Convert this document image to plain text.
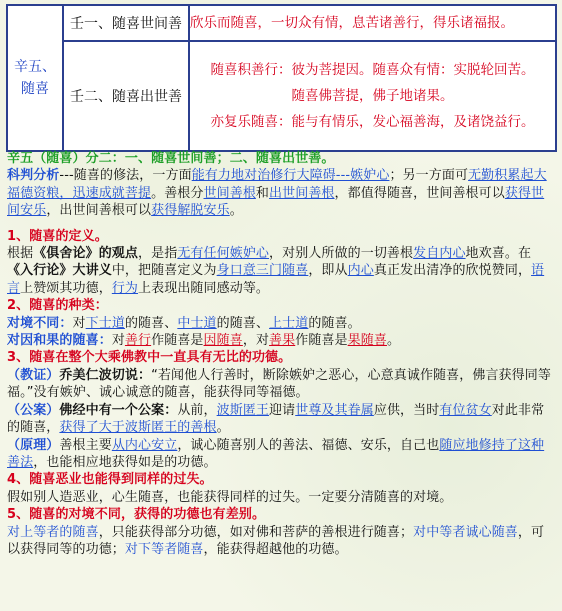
辛五、
随喜	壬一、随喜世间善	欣乐而随喜，一切众有情，息苦诸善行，得乐诸福报。
	壬二、随喜出世善	随喜积善行：彼为菩提因。随喜众有情：实脱轮回苦。
随喜佛菩提，佛子地诸果。
亦复乐随喜：能与有情乐，发心福善海，及诸饶益行。

辛五（随喜）分二：一、随喜世间善；二、随喜出世善。

科判分析---随喜的修法，一方面能有力地对治修行大障碍---嫉妒心；另一方面可无勤积累起大福德资粮，迅速成就菩提。善根分世间善根和出世间善根，都值得随喜，世间善根可以获得世间安乐，出世间善根可以获得解脱安乐。

1、随喜的定义。

根据《俱舍论》的观点，是指无有任何嫉妒心，对别人所做的一切善根发自内心地欢喜。在《入行论》大讲义中，把随喜定义为身口意三门随喜，即从内心真正发出清净的欣悦赞同，语言上赞颂其功德，行为上表现出随同感动等。

2、随喜的种类：

对境不同：对下士道的随喜、中士道的随喜、上士道的随喜。

对因和果的随喜：对善行作随喜是因随喜，对善果作随喜是果随喜。

3、随喜在整个大乘佛教中一直具有无比的功德。

（教证）乔美仁波切说：“若闻他人行善时，断除嫉妒之恶心，心意真诚作随喜，佛言获得同等福。”没有嫉妒、诚心诚意的随喜，能获得同等福德。

（公案）佛经中有一个公案：从前，波斯匿王迎请世尊及其眷属应供，当时有位贫女对此非常的随喜，获得了大于波斯匿王的善根。

（原理）善根主要从内心安立，诚心随喜别人的善法、福德、安乐，自己也随应地修持了这种善法，也能相应地获得如是的功德。

4、随喜恶业也能得到同样的过失。

假如别人造恶业，心生随喜，也能获得同样的过失。一定要分清随喜的对境。

5、随喜的对境不同，获得的功德也有差别。

对上等者的随喜，只能获得部分功德，如对佛和菩萨的善根进行随喜；对中等者诚心随喜，可以获得同等的功德；对下等者随喜，能获得超越他的功德。
